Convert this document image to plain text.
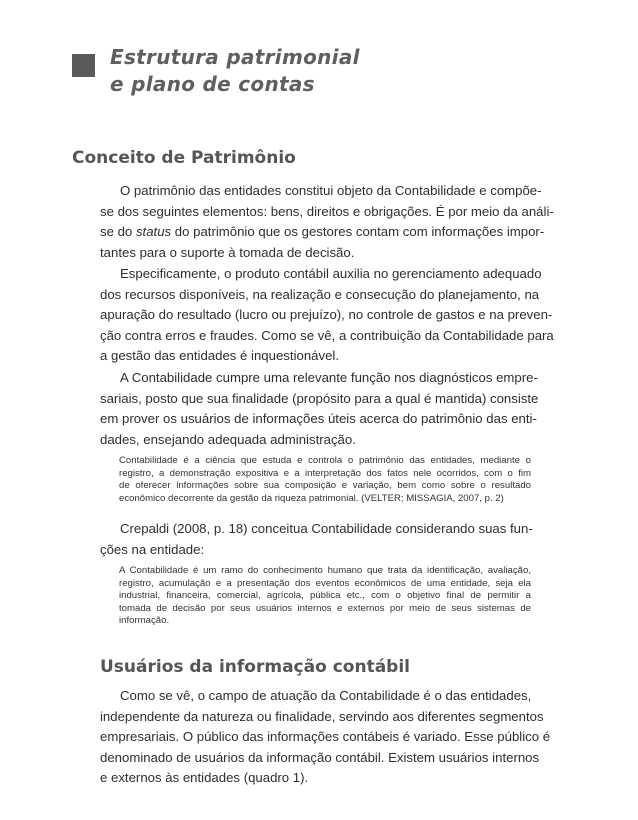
Estrutura patrimonial
e plano de contas
Conceito de Patrimônio
O patrimônio das entidades constitui objeto da Contabilidade e compõe-
se dos seguintes elementos: bens, direitos e obrigações. É por meio da análi-
se do status do patrimônio que os gestores contam com informações impor-
tantes para o suporte à tomada de decisão.
Especificamente, o produto contábil auxilia no gerenciamento adequado
dos recursos disponíveis, na realização e consecução do planejamento, na
apuração do resultado (lucro ou prejuízo), no controle de gastos e na preven-
ção contra erros e fraudes. Como se vê, a contribuição da Contabilidade para
a gestão das entidades é inquestionável.
A Contabilidade cumpre uma relevante função nos diagnósticos empre-
sariais, posto que sua finalidade (propósito para a qual é mantida) consiste
em prover os usuários de informações úteis acerca do patrimônio das enti-
dades, ensejando adequada administração.
Contabilidade é a ciência que estuda e controla o patrimônio das entidades, mediante o
registro, a demonstração expositiva e a interpretação dos fatos nele ocorridos, com o fim
de oferecer informações sobre sua composição e variação, bem como sobre o resultado
econômico decorrente da gestão da riqueza patrimonial. (VELTER; MISSAGIA, 2007, p. 2)
Crepaldi (2008, p. 18) conceitua Contabilidade considerando suas fun-
ções na entidade:
A Contabilidade é um ramo do conhecimento humano que trata da identificação, avaliação,
registro, acumulação e a presentação dos eventos econômicos de uma entidade, seja ela
industrial, financeira, comercial, agrícola, pública etc., com o objetivo final de permitir a
tomada de decisão por seus usuários internos e externos por meio de seus sistemas de
informação.
Usuários da informação contábil
Como se vê, o campo de atuação da Contabilidade é o das entidades,
independente da natureza ou finalidade, servindo aos diferentes segmentos
empresariais. O público das informações contábeis é variado. Esse público é
denominado de usuários da informação contábil. Existem usuários internos
e externos às entidades (quadro 1).
